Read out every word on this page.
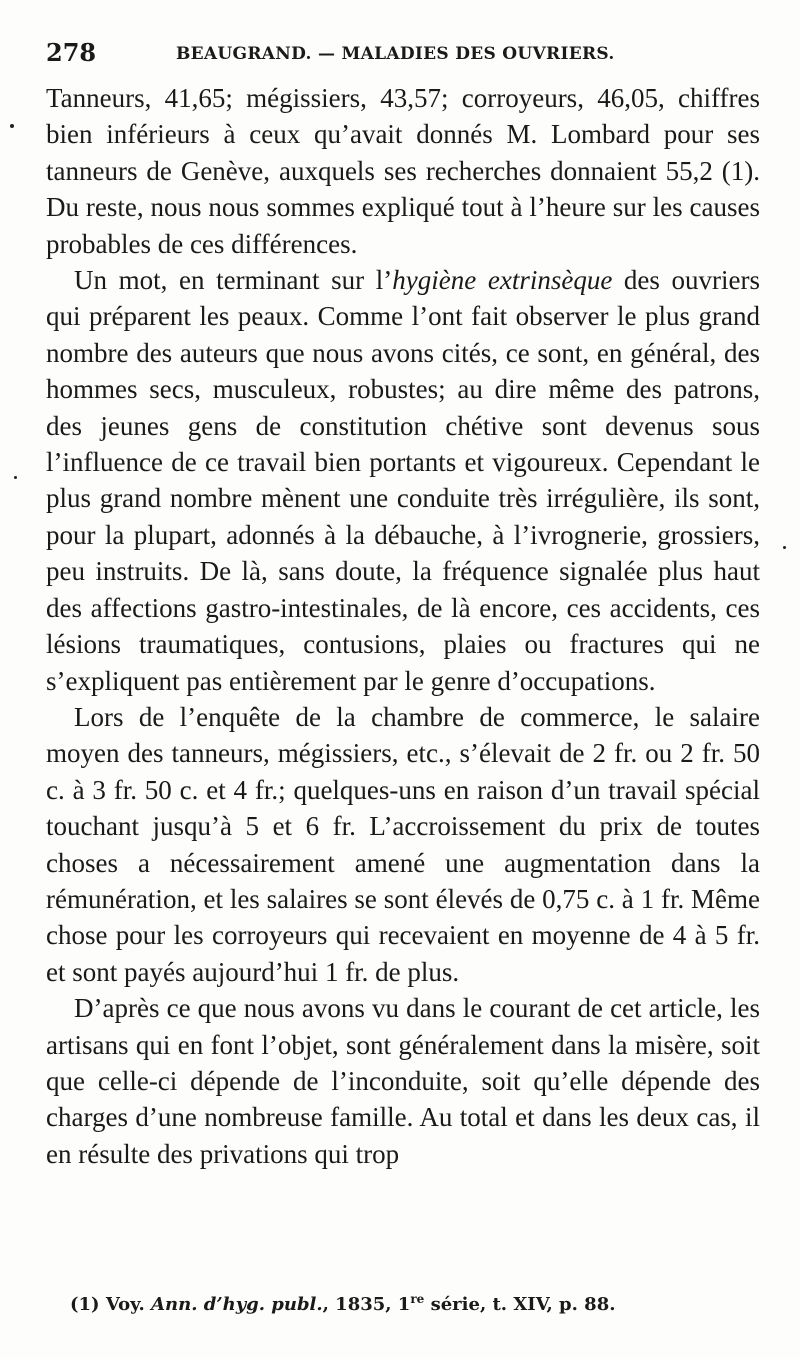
278	BEAUGRAND. — MALADIES DES OUVRIERS.

Tanneurs, 41,65; mégissiers, 43,57; corroyeurs, 46,05, chiffres bien inférieurs à ceux qu’avait donnés M. Lombard pour ses tanneurs de Genève, auxquels ses recherches donnaient 55,2 (1). Du reste, nous nous sommes expliqué tout à l’heure sur les causes probables de ces différences.

Un mot, en terminant sur l’hygiène extrinsèque des ouvriers qui préparent les peaux. Comme l’ont fait observer le plus grand nombre des auteurs que nous avons cités, ce sont, en général, des hommes secs, musculeux, robustes; au dire même des patrons, des jeunes gens de constitution chétive sont devenus sous l’influence de ce travail bien portants et vigoureux. Cependant le plus grand nombre mènent une conduite très irrégulière, ils sont, pour la plupart, adonnés à la débauche, à l’ivrognerie, grossiers, peu instruits. De là, sans doute, la fréquence signalée plus haut des affections gastro-intestinales, de là encore, ces accidents, ces lésions traumatiques, contusions, plaies ou fractures qui ne s’expliquent pas entièrement par le genre d’occupations.

Lors de l’enquête de la chambre de commerce, le salaire moyen des tanneurs, mégissiers, etc., s’élevait de 2 fr. ou 2 fr. 50 c. à 3 fr. 50 c. et 4 fr.; quelques-uns en raison d’un travail spécial touchant jusqu’à 5 et 6 fr. L’accroissement du prix de toutes choses a nécessairement amené une augmentation dans la rémunération, et les salaires se sont élevés de 0,75 c. à 1 fr. Même chose pour les corroyeurs qui recevaient en moyenne de 4 à 5 fr. et sont payés aujourd’hui 1 fr. de plus.

D’après ce que nous avons vu dans le courant de cet article, les artisans qui en font l’objet, sont généralement dans la misère, soit que celle-ci dépende de l’inconduite, soit qu’elle dépende des charges d’une nombreuse famille. Au total et dans les deux cas, il en résulte des privations qui trop

(1) Voy. Ann. d’hyg. publ., 1835, 1re série, t. XIV, p. 88.
